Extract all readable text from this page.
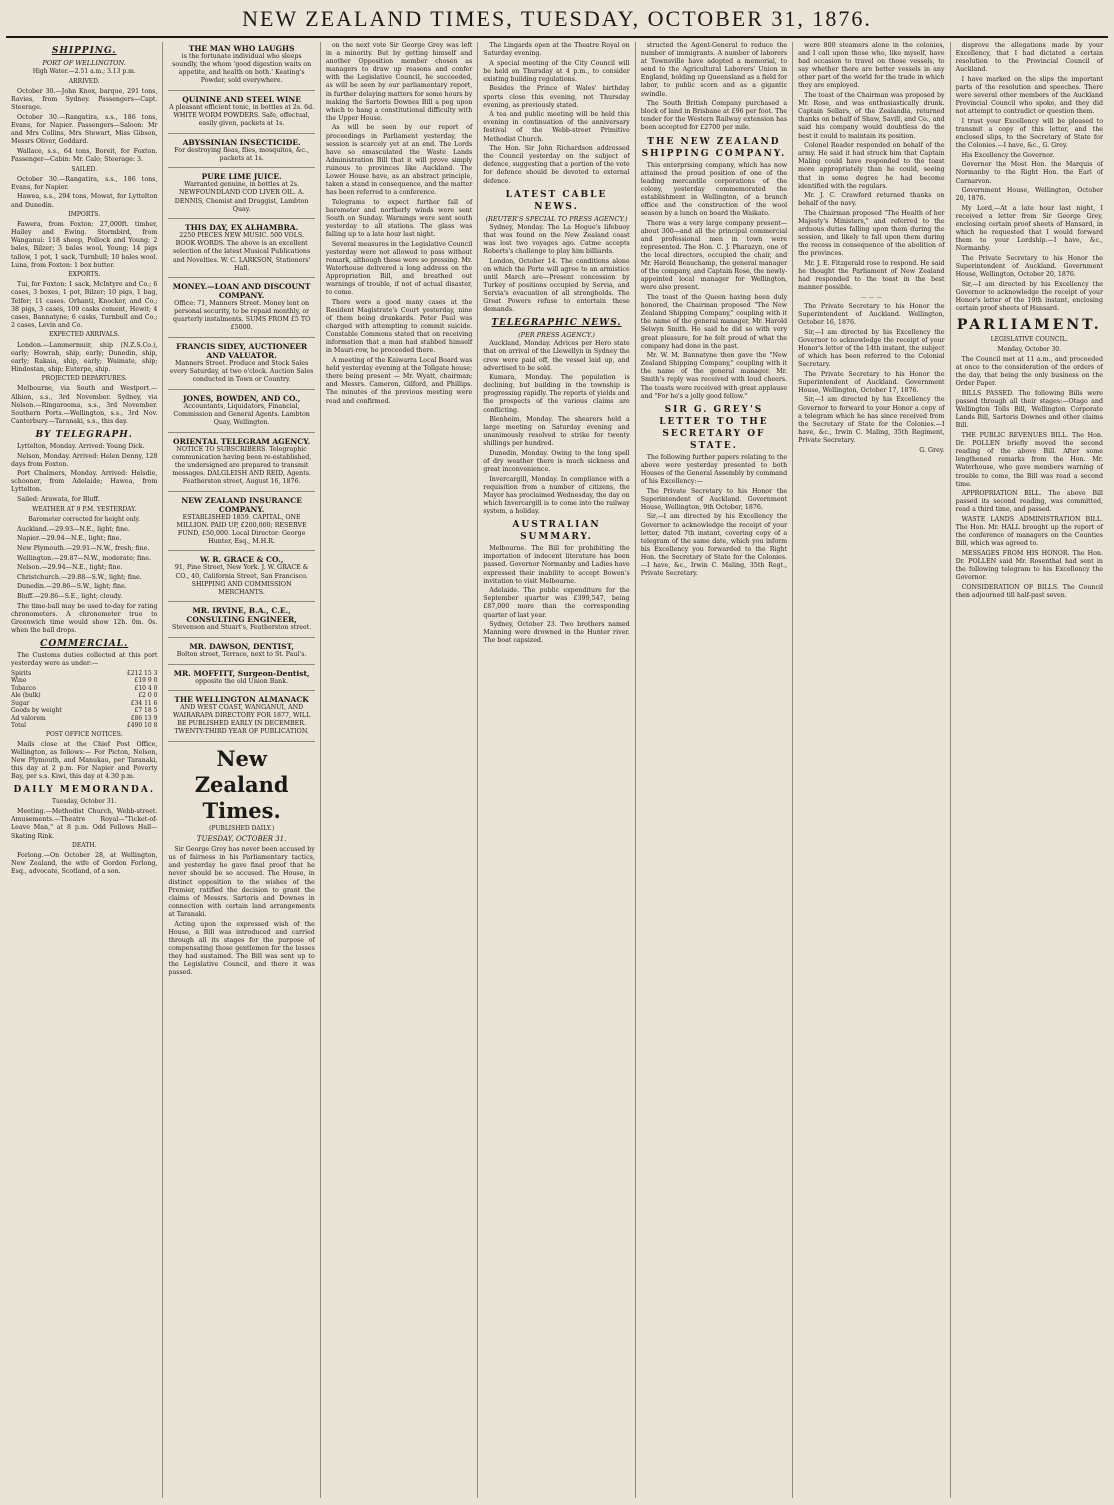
NEW ZEALAND TIMES, TUESDAY, OCTOBER 31, 1876.
SHIPPING.
PORT OF WELLINGTON.
High Water.—2.51 a.m.; 3.13 p.m.
ARRIVED.

October 30.—John Knox, barque, 291 tons, Ravies, from Sydney. Passengers—Capt. Steerage.

October 30.—Rangatira, s.s., 186 tons, Evans, for Napier. Passengers—Saloon: Mr and Mrs Collins, Mrs Stewart, Miss Gibson, Messrs Oliver, Goddard.

Wallace, s.s., 64 tons, Boreit, for Foxton. Passenger—Cabin: Mr. Calo; Steerage: 3.

SAILED.

October 30.—Rangatira, s.s., 186 tons, Evans, for Napier.

Hawea, s.s., 294 tons, Mowat, for Lyttelton and Dunedin.

IMPORTS.

Fawera, from Foxton: 27,000ft. timber, Hailey and Ewing. Stormbird, from Wanganui: 118 sheep, Pollock and Young; 2 bales, Bilzer; 3 bales wool, Young; 14 pigs tallow, 1 pot, 1 sack, Turnbull; 10 bales wool. Luna, from Foxton: 1 box butter.

EXPORTS.

Tui, for Foxton: 1 sack, McIntyre and Co.; 6 cases, 3 boxes, 1 pot, Bilzer; 10 pigs, 1 bag, Telfer; 11 cases. Orhanti, Knocker, and Co.; 38 pigs, 3 cases, 109 casks cement, Hewit; 4 cases, Bannatyne; 6 casks, Turnbull and Co.; 2 cases, Levin and Co.

EXPECTED ARRIVALS.

London.—Lammermuir, ship (N.Z.S.Co.), early; Howrah, ship, early; Dunedin, ship, early; Rakaia, ship, early; Waimate, ship; Hindostan, ship; Euterpe, ship.

PROJECTED DEPARTURES.

Melbourne, via South and Westport.—Albion, s.s., 3rd November. Sydney, via Nelson.—Ringarooma, s.s., 3rd November. Southern Ports.—Wellington, s.s., 3rd Nov. Canterbury.—Taranaki, s.s., this day.

BY TELEGRAPH.

Lyttelton, Monday. Arrived: Young Dick.

Nelson, Monday. Arrived: Helen Denny, 128 days from Foxton.

Port Chalmers, Monday. Arrived: Helsdie, schooner, from Adelaide; Hawea, from Lyttelton.

Sailed: Arawata, for Bluff.

WEATHER AT 9 P.M. YESTERDAY.
Barometer corrected for height only.

Auckland.—29.93—N.E., light; fine.

Napier.—29.94—N.E., light; fine.

New Plymouth.—29.91—N.W., fresh; fine.

Wellington.—29.87—N.W., moderate; fine.

Nelson.—29.94—N.E., light; fine.

Christchurch.—29.88—S.W., light; fine.

Dunedin.—29.86—S.W., light; fine.

Bluff.—29.86—S.E., light; cloudy.

The time-ball may be used to-day for rating chronometers. A chronometer true to Greenwich time would show 12h. 0m. 0s. when the ball drops.

COMMERCIAL.

The Customs duties collected at this port yesterday were as under:—

Spirits	£212 15 3
Wine	£19 9 0
Tobacco	£10 4 0
Ale (bulk)	£2 0 0
Sugar	£34 11 6
Goods by weight	£7 18 5
Ad valorem	£86 13 9
Total	£490 10 8
POST OFFICE NOTICES.

Mails close at the Chief Post Office, Wellington, as follows:— For Picton, Nelson, New Plymouth, and Manukau, per Taranaki, this day at 2 p.m. For Napier and Poverty Bay, per s.s. Kiwi, this day at 4.30 p.m.

DAILY MEMORANDA.
Tuesday, October 31.

Meeting.—Methodist Church, Webb-street. Amusements.—Theatre Royal—"Ticket-of-Leave Man," at 8 p.m. Odd Fellows Hall—Skating Rink.

DEATH.

Forlong.—On October 28, at Wellington, New Zealand, the wife of Gordon Forlong, Esq., advocate, Scotland, of a son.

THE MAN WHO LAUGHS

is the fortunate individual who sleeps soundly, the whom 'good digestion waits on appetite, and health on both.' Keating's Powder, sold everywhere.

QUININE AND STEEL WINE

A pleasant efficient tonic, in bottles at 2s. 6d. WHITE WORM POWDERS. Safe, effectual, easily given, packets at 1s.

ABYSSINIAN INSECTICIDE.

For destroying fleas, flies, mosquitos, &c., packets at 1s.

PURE LIME JUICE.

Warranted genuine, in bottles at 2s. NEWFOUNDLAND COD LIVER OIL. A. DENNIS, Chemist and Druggist, Lambton Quay.

THIS DAY, EX ALHAMBRA.

2250 PIECES NEW MUSIC. 500 VOLS. BOOK WORDS. The above is an excellent selection of the latest Musical Publications and Novelties. W. C. LARKSON, Stationers' Hall.

MONEY.—LOAN AND DISCOUNT COMPANY.

Office: 71, Manners Street. Money lent on personal security, to be repaid monthly, or quarterly instalments. SUMS FROM £5 TO £5000.

FRANCIS SIDEY, AUCTIONEER AND VALUATOR.

Manners Street. Produce and Stock Sales every Saturday, at two o'clock. Auction Sales conducted in Town or Country.

JONES, BOWDEN, AND CO.,

Accountants, Liquidators, Financial, Commission and General Agents. Lambton Quay, Wellington.

ORIENTAL TELEGRAM AGENCY.

NOTICE TO SUBSCRIBERS. Telegraphic communication having been re-established, the undersigned are prepared to transmit messages. DALGLEISH AND REID, Agents. Featherston street, August 16, 1876.

NEW ZEALAND INSURANCE COMPANY.

ESTABLISHED 1859. CAPITAL, ONE MILLION. PAID UP, £200,000; RESERVE FUND, £50,000. Local Director: George Hunter, Esq., M.H.R.

W. R. GRACE & CO.,

91, Pine Street, New York. J. W. GRACE & CO., 40, California Street, San Francisco. SHIPPING AND COMMISSION MERCHANTS.

MR. IRVINE, B.A., C.E., CONSULTING ENGINEER,

Stevenson and Stuart's, Featherston street.

MR. DAWSON, DENTIST,

Bolton street, Terrace, next to St. Paul's.

MR. MOFFITT, Surgeon-Dentist,

opposite the old Union Bank.

THE WELLINGTON ALMANACK

AND WEST COAST, WANGANUI, AND WAIRARAPA DIRECTORY FOR 1877, WILL BE PUBLISHED EARLY IN DECEMBER. TWENTY-THIRD YEAR OF PUBLICATION.

New Zealand Times.
(PUBLISHED DAILY.)
TUESDAY, OCTOBER 31.

Sir George Grey has never been accused by us of fairness in his Parliamentary tactics, and yesterday he gave final proof that he never should be so accused. The House, in distinct opposition to the wishes of the Premier, ratified the decision to grant the claims of Messrs. Sartoris and Downes in connection with certain land arrangements at Taranaki.

Acting upon the expressed wish of the House, a Bill was introduced and carried through all its stages for the purpose of compensating those gentlemen for the losses they had sustained. The Bill was sent up to the Legislative Council, and there it was passed.

on the next vote Sir George Grey was left in a minority. But by getting himself and another Opposition member chosen as managers to draw up reasons and confer with the Legislative Council, he succeeded, as will be seen by our parliamentary report, in further delaying matters for some hours by making the Sartoris Downes Bill a peg upon which to hang a constitutional difficulty with the Upper House.

As will be seen by our report of proceedings in Parliament yesterday, the session is scarcely yet at an end. The Lords have so emasculated the Waste Lands Administration Bill that it will prove simply ruinous to provinces like Auckland. The Lower House have, as an abstract principle, taken a stand in consequence, and the matter has been referred to a conference.

Telegrams to expect further fall of barometer and northerly winds were sent South on Sunday. Warnings were sent south yesterday to all stations. The glass was falling up to a late hour last night.

Several measures in the Legislative Council yesterday were not allowed to pass without remark, although these were so pressing. Mr. Waterhouse delivered a long address on the Appropriation Bill, and breathed out warnings of trouble, if not of actual disaster, to come.

There were a good many cases at the Resident Magistrate's Court yesterday, nine of them being drunkards. Peter Paul was charged with attempting to commit suicide. Constable Commons stated that on receiving information that a man had stabbed himself in Mauri-row, he proceeded there.

A meeting of the Kaiwarra Local Board was held yesterday evening at the Tollgate house; there being present — Mr. Wyatt, chairman; and Messrs. Cameron, Gilford, and Phillips. The minutes of the previous meeting were read and confirmed.

The Lingards open at the Theatre Royal on Saturday evening.

A special meeting of the City Council will be held on Thursday at 4 p.m., to consider existing building regulations.

Besides the Prince of Wales' birthday sports close this evening, not Thursday evening, as previously stated.

A tea and public meeting will be held this evening in continuation of the anniversary festival of the Webb-street Primitive Methodist Church.

The Hon. Sir John Richardson addressed the Council yesterday on the subject of defence, suggesting that a portion of the vote for defence should be devoted to external defence.

LATEST CABLE NEWS.
(REUTER'S SPECIAL TO PRESS AGENCY.)

Sydney, Monday. The La Hogue's lifebuoy that was found on the New Zealand coast was lost two voyages ago. Catme accepts Roberts's challenge to play him billiards.

London, October 14. The conditions alone on which the Porte will agree to an armistice until March are—Present concession by Turkey of positions occupied by Servia, and Servia's evacuation of all strongholds. The Great Powers refuse to entertain these demands.

TELEGRAPHIC NEWS.
(PER PRESS AGENCY.)

Auckland, Monday. Advices per Hero state that on arrival of the Llewellyn in Sydney the crew were paid off, the vessel laid up, and advertised to be sold.

Kumara, Monday. The population is declining, but building in the township is progressing rapidly. The reports of yields and the prospects of the various claims are conflicting.

Blenheim, Monday. The shearers held a large meeting on Saturday evening and unanimously resolved to strike for twenty shillings per hundred.

Dunedin, Monday. Owing to the long spell of dry weather there is much sickness and great inconvenience.

Invercargill, Monday. In compliance with a requisition from a number of citizens, the Mayor has proclaimed Wednesday, the day on which Invercargill is to come into the railway system, a holiday.

AUSTRALIAN SUMMARY.

Melbourne. The Bill for prohibiting the importation of indecent literature has been passed. Governor Normanby and Ladies have expressed their inability to accept Bowen's invitation to visit Melbourne.

Adelaide. The public expenditure for the September quarter was £399,547, being £87,000 more than the corresponding quarter of last year.

Sydney, October 23. Two brothers named Manning were drowned in the Hunter river. The boat capsized.

structed the Agent-General to reduce the number of immigrants. A number of laborers at Townsville have adopted a memorial, to send to the Agricultural Laborers' Union in England, holding up Queensland as a field for labor, to public scorn and as a gigantic swindle.

The South British Company purchased a block of land in Brisbane at £96 per foot. The tender for the Western Railway extension has been accepted for £2700 per mile.

THE NEW ZEALAND SHIPPING COMPANY.

This enterprising company, which has now attained the proud position of one of the leading mercantile corporations of the colony, yesterday commemorated the establishment in Wellington, of a branch office and the construction of the wool season by a lunch on board the Waikato.

There was a very large company present—about 300—and all the principal commercial and professional men in town were represented. The Hon. C. J. Pharazyn, one of the local directors, occupied the chair, and Mr. Harold Beauchamp, the general manager of the company, and Captain Rose, the newly-appointed local manager for Wellington, were also present.

The toast of the Queen having been duly honored, the Chairman proposed "The New Zealand Shipping Company," coupling with it the name of the general manager, Mr. Harold Selwyn Smith. He said he did so with very great pleasure, for he felt proud of what the company had done in the past.

Mr. W. M. Bannatyne then gave the "New Zealand Shipping Company," coupling with it the name of the general manager. Mr. Smith's reply was received with loud cheers. The toasts were received with great applause and "For he's a jolly good fellow."

SIR G. GREY'S LETTER TO THE SECRETARY OF STATE.

The following further papers relating to the above were yesterday presented to both Houses of the General Assembly by command of his Excellency:—

The Private Secretary to his Honor the Superintendent of Auckland. Government House, Wellington, 9th October, 1876.

Sir,—I am directed by his Excellency the Governor to acknowledge the receipt of your letter, dated 7th instant, covering copy of a telegram of the same date, which you inform his Excellency you forwarded to the Right Hon. the Secretary of State for the Colonies.—I have, &c., Irwin C. Maling, 35th Regt., Private Secretary.

were 800 steamers alone in the colonies, and I call upon those who, like myself, have had occasion to travel on those vessels, to say whether there are better vessels in any other part of the world for the trade in which they are employed.

The toast of the Chairman was proposed by Mr. Rose, and was enthusiastically drunk. Captain Sellars, of the Zealandia, returned thanks on behalf of Shaw, Savill, and Co., and said his company would doubtless do the best it could to maintain its position.

Colonel Reader responded on behalf of the army. He said it had struck him that Captain Maling could have responded to the toast more appropriately than he could, seeing that in some degree he had become identified with the regulars.

Mr. J. C. Crawford returned thanks on behalf of the navy.

The Chairman proposed "The Health of her Majesty's Ministers," and referred to the arduous duties falling upon them during the session, and likely to fall upon them during the recess in consequence of the abolition of the provinces.

Mr. J. E. Fitzgerald rose to respond. He said he thought the Parliament of New Zealand had responded to the toast in the best manner possible.

— — —

The Private Secretary to his Honor the Superintendent of Auckland. Wellington, October 16, 1876.

Sir,—I am directed by his Excellency the Governor to acknowledge the receipt of your Honor's letter of the 14th instant, the subject of which has been referred to the Colonial Secretary.

The Private Secretary to his Honor the Superintendent of Auckland. Government House, Wellington, October 17, 1876.

Sir,—I am directed by his Excellency the Governor to forward to your Honor a copy of a telegram which he has since received from the Secretary of State for the Colonies.—I have, &c., Irwin C. Maling, 35th Regiment, Private Secretary.

G. Grey.

disprove the allegations made by your Excellency, that I had dictated a certain resolution to the Provincial Council of Auckland.

I have marked on the slips the important parts of the resolution and speeches. There were several other members of the Auckland Provincial Council who spoke, and they did not attempt to contradict or question them.

I trust your Excellency will be pleased to transmit a copy of this letter, and the enclosed slips, to the Secretary of State for the Colonies.—I have, &c., G. Grey.

His Excellency the Governor.

Governor the Most Hon. the Marquis of Normanby to the Right Hon. the Earl of Carnarvon.

Government House, Wellington, October 20, 1876.

My Lord,—At a late hour last night, I received a letter from Sir George Grey, enclosing certain proof sheets of Hansard, in which he requested that I would forward them to your Lordship.—I have, &c., Normanby.

The Private Secretary to his Honor the Superintendent of Auckland. Government House, Wellington, October 20, 1876.

Sir,—I am directed by his Excellency the Governor to acknowledge the receipt of your Honor's letter of the 19th instant, enclosing certain proof sheets of Hansard.

PARLIAMENT.
LEGISLATIVE COUNCIL.
Monday, October 30.

The Council met at 11 a.m., and proceeded at once to the consideration of the orders of the day, that being the only business on the Order Paper.

BILLS PASSED. The following Bills were passed through all their stages:—Otago and Wellington Tolls Bill, Wellington Corporate Lands Bill, Sartoris Downes and other claims Bill.

THE PUBLIC REVENUES BILL. The Hon. Dr. POLLEN briefly moved the second reading of the above Bill. After some lengthened remarks from the Hon. Mr. Waterhouse, who gave members warning of trouble to come, the Bill was read a second time.

APPROPRIATION BILL. The above Bill passed its second reading, was committed, read a third time, and passed.

WASTE LANDS ADMINISTRATION BILL. The Hon. Mr. HALL brought up the report of the conference of managers on the Counties Bill, which was agreed to.

MESSAGES FROM HIS HONOR. The Hon. Dr. POLLEN said Mr. Rosenthal had sent in the following telegram to his Excellency the Governor.

CONSIDERATION OF BILLS. The Council then adjourned till half-past seven.
